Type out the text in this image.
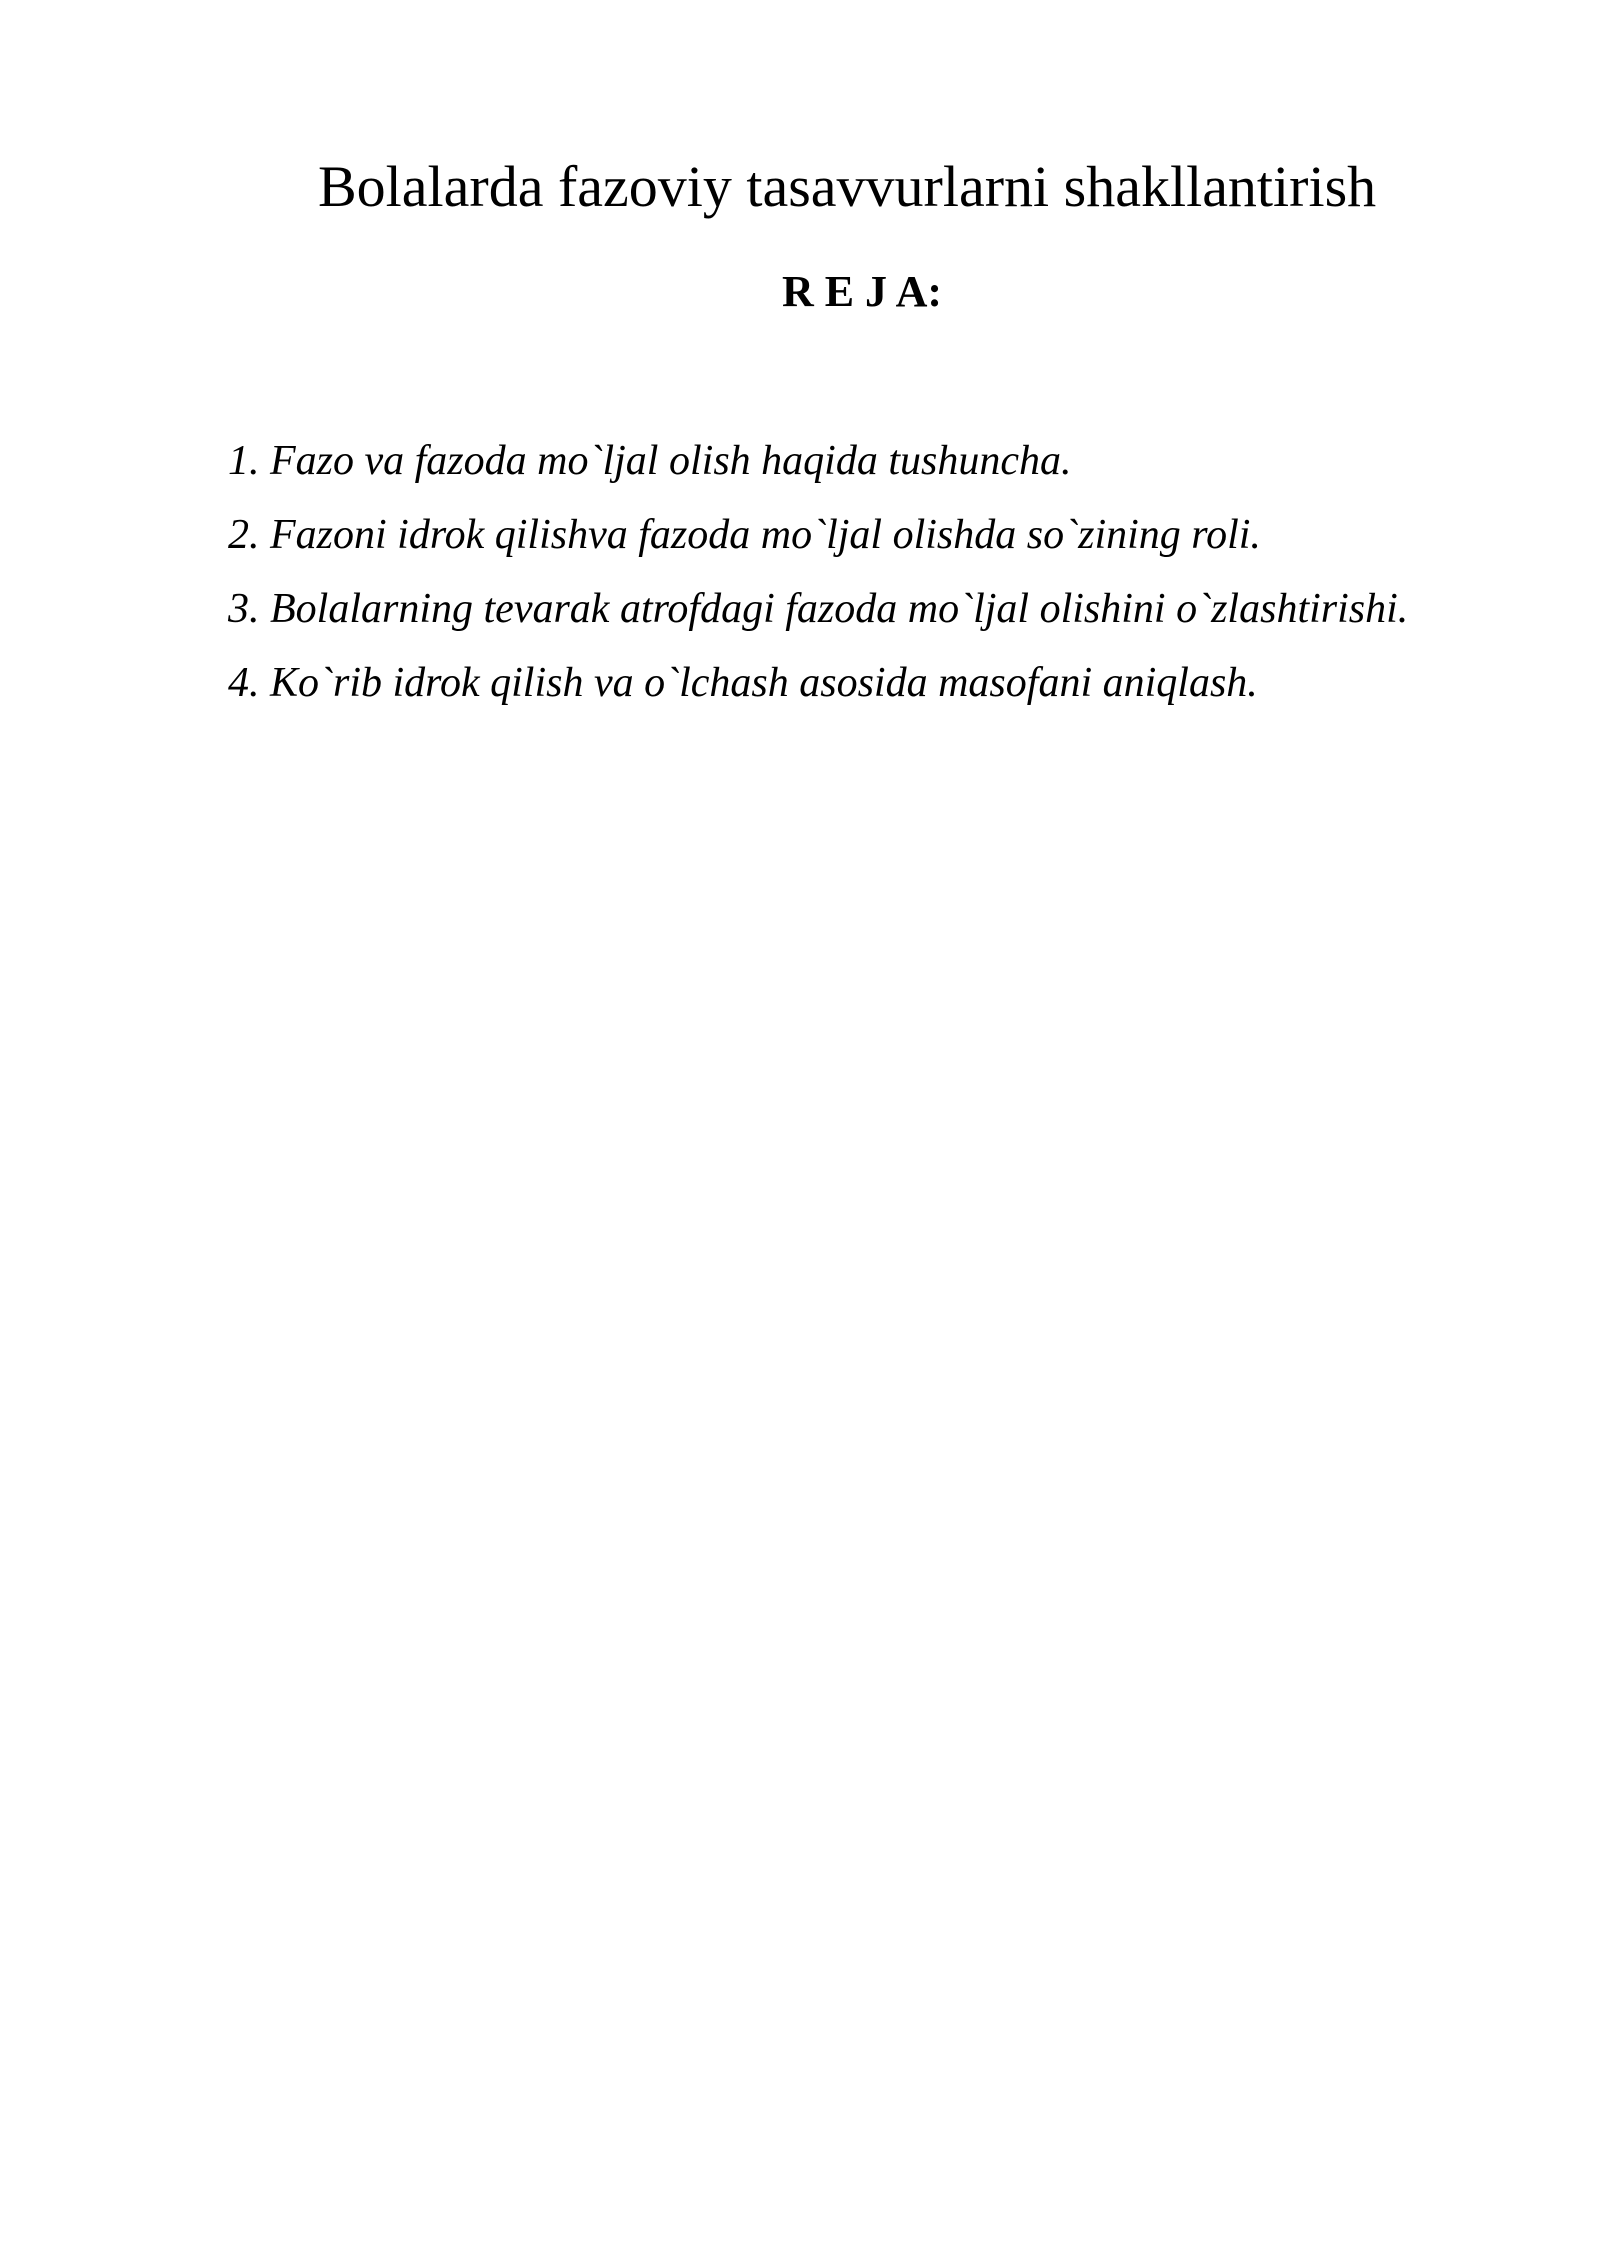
Bolalarda fazoviy tasavvurlarni shakllantirish
R E J A:
1. Fazo va fazoda mo`ljal olish haqida tushuncha.
2. Fazoni idrok qilishva fazoda mo`ljal olishda so`zining roli.
3. Bolalarning tevarak atrofdagi fazoda mo`ljal olishini o`zlashtirishi.
4. Ko`rib idrok qilish va o`lchash asosida masofani aniqlash.
